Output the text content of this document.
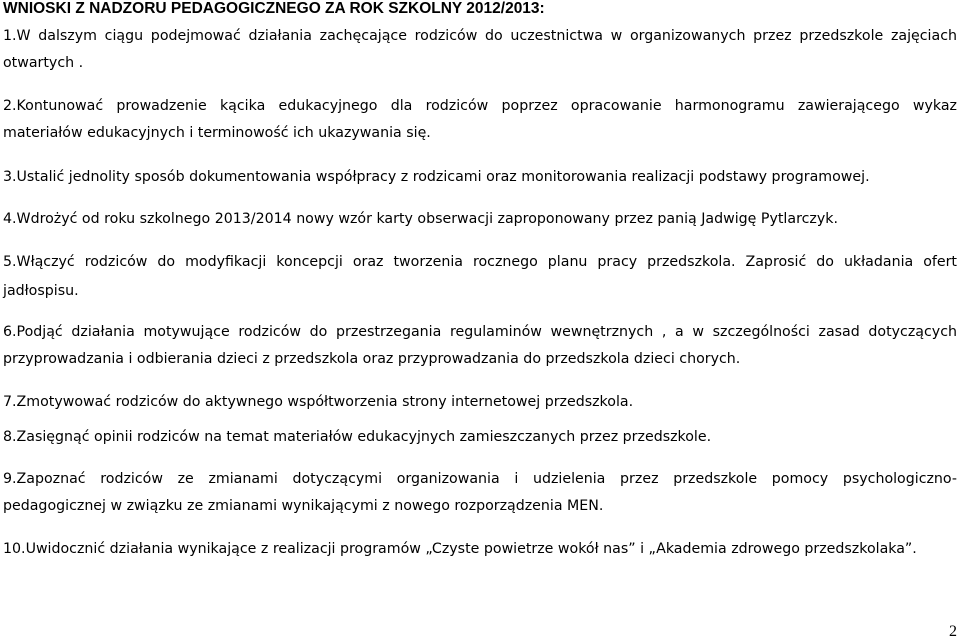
WNIOSKI Z NADZORU PEDAGOGICZNEGO ZA ROK SZKOLNY 2012/2013:
1.W dalszym ciągu podejmować działania zachęcające rodziców do uczestnictwa w organizowanych przez przedszkole zajęciach
otwartych .
2.Kontunować prowadzenie kącika edukacyjnego dla rodziców poprzez opracowanie harmonogramu zawierającego wykaz
materiałów edukacyjnych i terminowość ich ukazywania się.
3.Ustalić jednolity sposób dokumentowania współpracy z rodzicami oraz monitorowania realizacji podstawy programowej.
4.Wdrożyć od roku szkolnego 2013/2014 nowy wzór karty obserwacji zaproponowany przez panią Jadwigę Pytlarczyk.
5.Włączyć rodziców do modyfikacji koncepcji oraz tworzenia rocznego planu pracy przedszkola. Zaprosić do układania ofert
jadłospisu.
6.Podjąć działania motywujące rodziców do przestrzegania regulaminów wewnętrznych , a w szczególności zasad dotyczących
przyprowadzania i odbierania dzieci z przedszkola oraz przyprowadzania do przedszkola dzieci chorych.
7.Zmotywować rodziców do aktywnego współtworzenia strony internetowej przedszkola.
8.Zasięgnąć opinii rodziców na temat materiałów edukacyjnych zamieszczanych przez przedszkole.
9.Zapoznać rodziców ze zmianami dotyczącymi organizowania i udzielenia przez przedszkole pomocy psychologiczno-
pedagogicznej w związku ze zmianami wynikającymi z nowego rozporządzenia MEN.
10.Uwidocznić działania wynikające z realizacji programów „Czyste powietrze wokół nas” i „Akademia zdrowego przedszkolaka”.
2
